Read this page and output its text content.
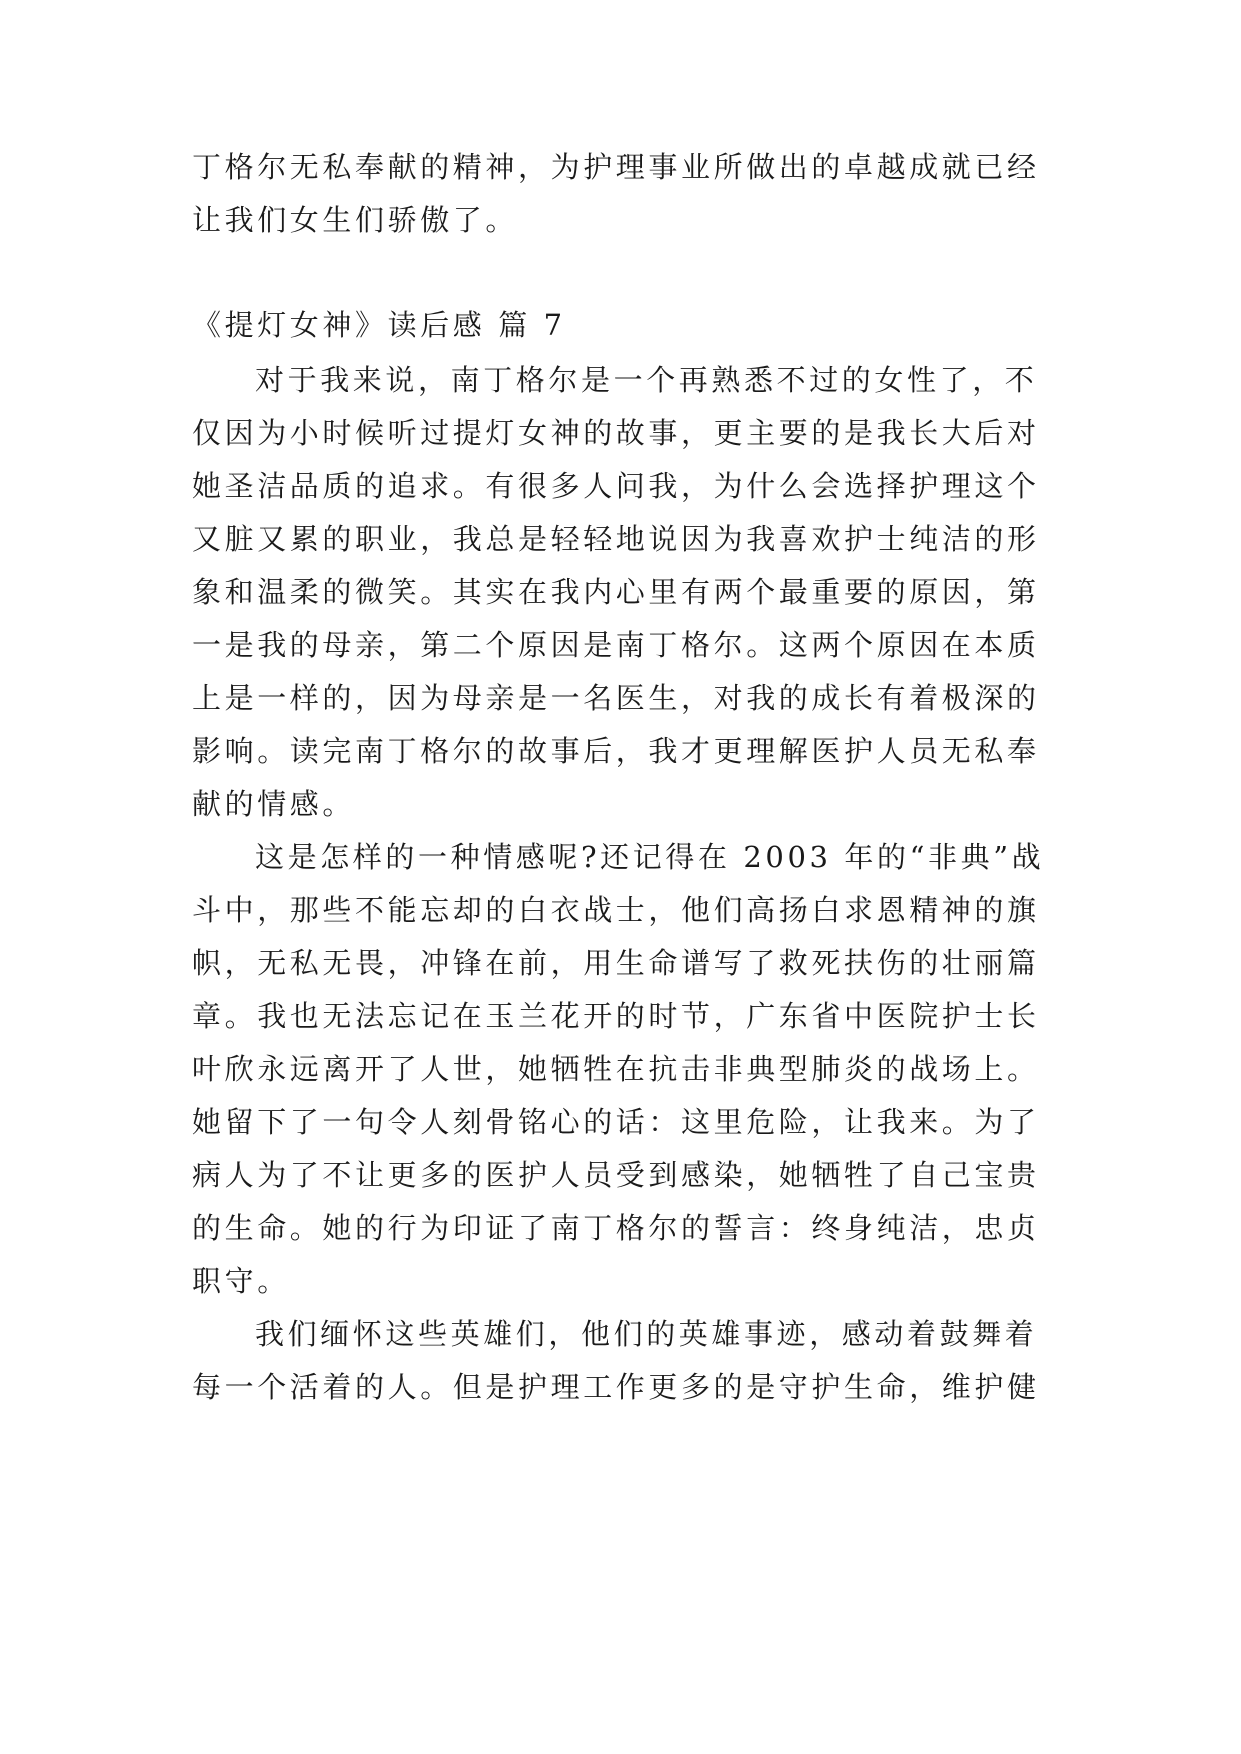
丁格尔无私奉献的精神，为护理事业所做出的卓越成就已经
让我们女生们骄傲了。
《提灯女神》读后感 篇 7
对于我来说，南丁格尔是一个再熟悉不过的女性了，不
仅因为小时候听过提灯女神的故事，更主要的是我长大后对
她圣洁品质的追求。有很多人问我，为什么会选择护理这个
又脏又累的职业，我总是轻轻地说因为我喜欢护士纯洁的形
象和温柔的微笑。其实在我内心里有两个最重要的原因，第
一是我的母亲，第二个原因是南丁格尔。这两个原因在本质
上是一样的，因为母亲是一名医生，对我的成长有着极深的
影响。读完南丁格尔的故事后，我才更理解医护人员无私奉
献的情感。
这是怎样的一种情感呢?还记得在 2003 年的“非典”战
斗中，那些不能忘却的白衣战士，他们高扬白求恩精神的旗
帜，无私无畏，冲锋在前，用生命谱写了救死扶伤的壮丽篇
章。我也无法忘记在玉兰花开的时节，广东省中医院护士长
叶欣永远离开了人世，她牺牲在抗击非典型肺炎的战场上。
她留下了一句令人刻骨铭心的话：这里危险，让我来。为了
病人为了不让更多的医护人员受到感染，她牺牲了自己宝贵
的生命。她的行为印证了南丁格尔的誓言：终身纯洁，忠贞
职守。
我们缅怀这些英雄们，他们的英雄事迹，感动着鼓舞着
每一个活着的人。但是护理工作更多的是守护生命，维护健
